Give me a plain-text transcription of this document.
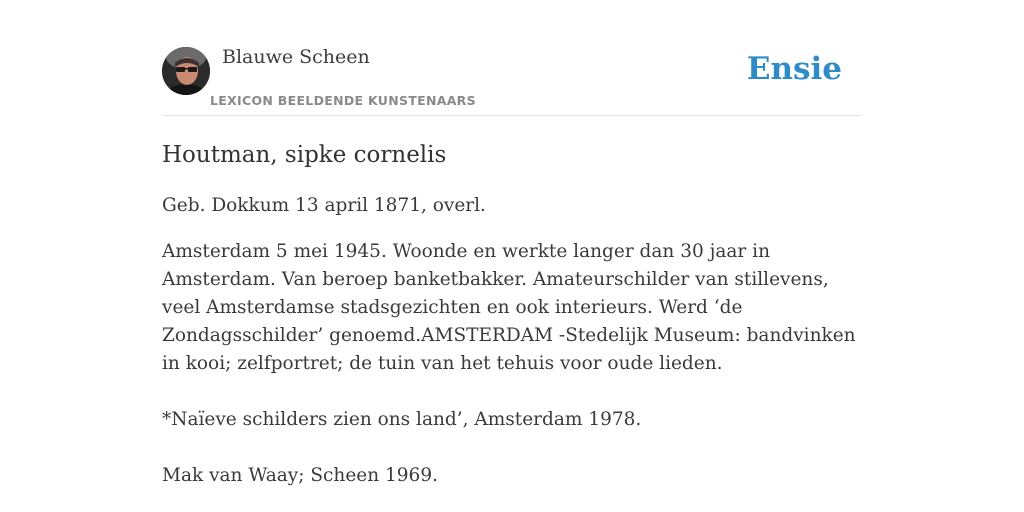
Blauwe Scheen
LEXICON BEELDENDE KUNSTENAARS
Ensie
Houtman, sipke cornelis

Geb. Dokkum 13 april 1871, overl.

Amsterdam 5 mei 1945. Woonde en werkte langer dan 30 jaar in Amsterdam. Van beroep banketbakker. Amateurschilder van stillevens, veel Amsterdamse stadsgezichten en ook interieurs. Werd ‘de Zondagsschilder’ genoemd.AMSTERDAM -Stedelijk Museum: bandvinken in kooi; zelfportret; de tuin van het tehuis voor oude lieden.

*Naïeve schilders zien ons land’, Amsterdam 1978.

Mak van Waay; Scheen 1969.
